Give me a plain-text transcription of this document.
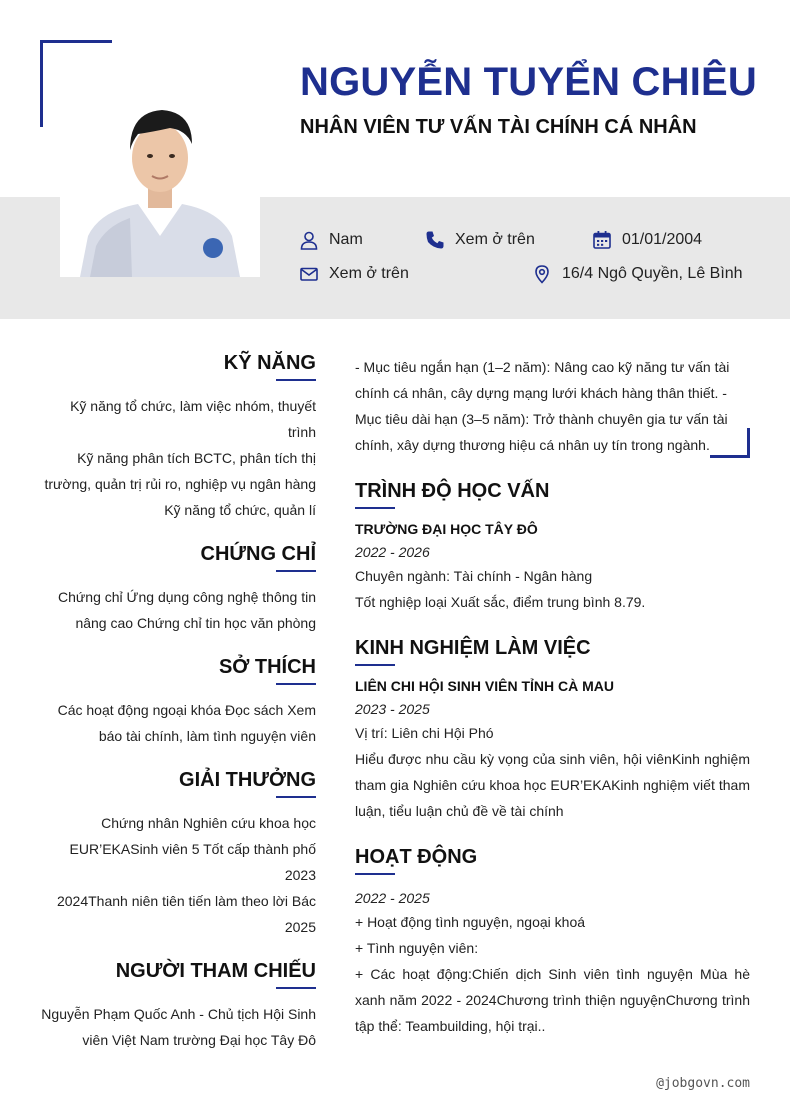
NGUYỄN TUYỂN CHIÊU
NHÂN VIÊN TƯ VẤN TÀI CHÍNH CÁ NHÂN
Nam	Xem ở trên	01/01/2004
Xem ở trên	16/4 Ngô Quyền, Lê Bình
KỸ NĂNG
Kỹ năng tổ chức, làm việc nhóm, thuyết trình
Kỹ năng phân tích BCTC, phân tích thị
trường, quản trị rủi ro, nghiệp vụ ngân hàng
Kỹ năng tổ chức, quản lí
CHỨNG CHỈ
Chứng chỉ Ứng dụng công nghệ thông tin
nâng cao Chứng chỉ tin học văn phòng
SỞ THÍCH
Các hoạt động ngoại khóa Đọc sách Xem
báo tài chính, làm tình nguyện viên
GIẢI THƯỞNG
Chứng nhân Nghiên cứu khoa học
EUR’EKASinh viên 5 Tốt cấp thành phố 2023
2024Thanh niên tiên tiến làm theo lời Bác
2025
NGƯỜI THAM CHIẾU
Nguyễn Phạm Quốc Anh - Chủ tịch Hội Sinh
viên Việt Nam trường Đại học Tây Đô
- Mục tiêu ngắn hạn (1–2 năm): Nâng cao kỹ năng tư vấn tài chính cá nhân, cây dựng mạng lưới khách hàng thân thiết. - Mục tiêu dài hạn (3–5 năm): Trở thành chuyên gia tư vấn tài chính, xây dựng thương hiệu cá nhân uy tín trong ngành.
TRÌNH ĐỘ HỌC VẤN
TRƯỜNG ĐẠI HỌC TÂY ĐÔ
2022 - 2026
Chuyên ngành: Tài chính - Ngân hàng
Tốt nghiệp loại Xuất sắc, điểm trung bình 8.79.
KINH NGHIỆM LÀM VIỆC
LIÊN CHI HỘI SINH VIÊN TỈNH CÀ MAU
2023 - 2025
Vị trí: Liên chi Hội Phó
Hiểu được nhu cầu kỳ vọng của sinh viên, hội viênKinh nghiệm tham gia Nghiên cứu khoa học EUR’EKAKinh nghiệm viết tham luận, tiểu luận chủ đề về tài chính
HOẠT ĐỘNG
2022 - 2025
+ Hoạt động tình nguyện, ngoại khoá
+ Tình nguyện viên:
+ Các hoạt động:Chiến dịch Sinh viên tình nguyện Mùa hè xanh năm 2022 - 2024Chương trình thiện nguyệnChương trình tập thể: Teambuilding, hội trại..
@jobgovn.com
